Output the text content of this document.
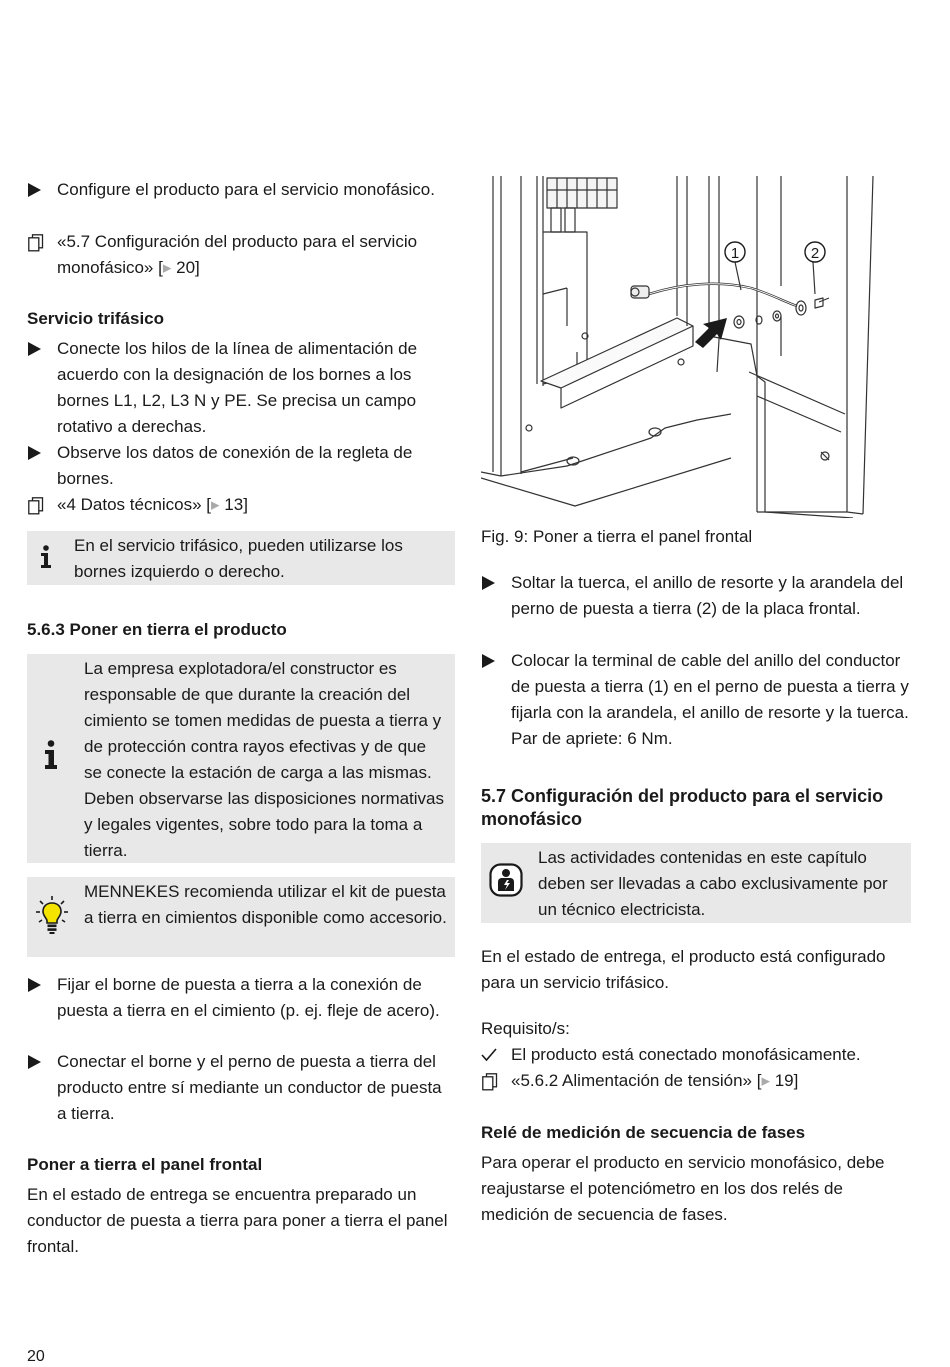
Configure el producto para el servicio monofásico.
«5.7 Configuración del producto para el servicio monofásico» [▸ 20]
Servicio trifásico
Conecte los hilos de la línea de alimentación de acuerdo con la designación de los bornes a los bornes L1, L2, L3 N y PE. Se precisa un campo rotativo a derechas.
Observe los datos de conexión de la regleta de bornes.
«4 Datos técnicos» [▸ 13]
En el servicio trifásico, pueden utilizarse los bornes izquierdo o derecho.
5.6.3 Poner en tierra el producto
La empresa explotadora/el constructor es responsable de que durante la creación del cimiento se tomen medidas de puesta a tierra y de protección contra rayos efectivas y de que se conecte la estación de carga a las mismas. Deben observarse las disposiciones normativas y legales vigentes, sobre todo para la toma a tierra.
MENNEKES recomienda utilizar el kit de puesta a tierra en cimientos disponible como accesorio.
Fijar el borne de puesta a tierra a la conexión de puesta a tierra en el cimiento (p. ej. fleje de acero).
Conectar el borne y el perno de puesta a tierra del producto entre sí mediante un conductor de puesta a tierra.
Poner a tierra el panel frontal
En el estado de entrega se encuentra preparado un conductor de puesta a tierra para poner a tierra el panel frontal.
1	2
Fig. 9: Poner a tierra el panel frontal
Soltar la tuerca, el anillo de resorte y la arandela del perno de puesta a tierra (2) de la placa frontal.
Colocar la terminal de cable del anillo del conductor de puesta a tierra (1) en el perno de puesta a tierra y fijarla con la arandela, el anillo de resorte y la tuerca. Par de apriete: 6 Nm.
5.7 Configuración del producto para el servicio monofásico
Las actividades contenidas en este capítulo deben ser llevadas a cabo exclusivamente por un técnico electricista.
En el estado de entrega, el producto está configurado para un servicio trifásico.
Requisito/s:
El producto está conectado monofásicamente.
«5.6.2 Alimentación de tensión» [▸ 19]
Relé de medición de secuencia de fases
Para operar el producto en servicio monofásico, debe reajustarse el potenciómetro en los dos relés de medición de secuencia de fases.
20
